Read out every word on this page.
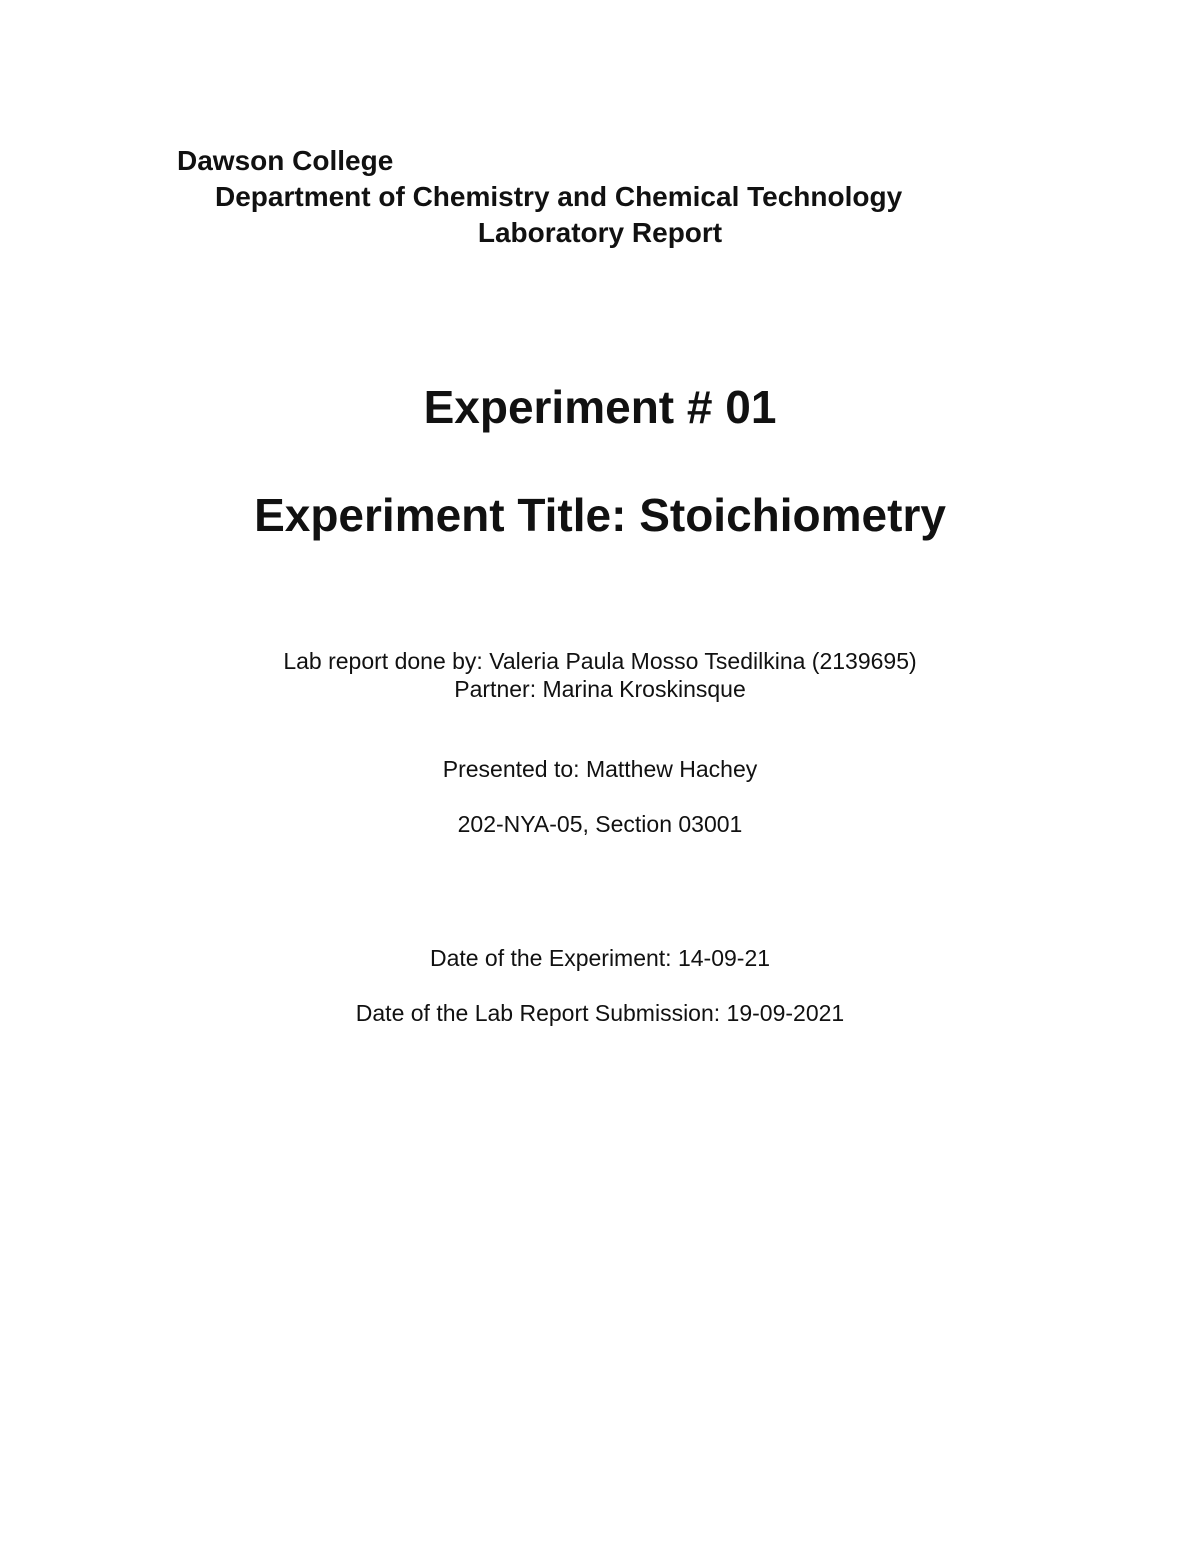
Dawson College
Department of Chemistry and Chemical Technology
Laboratory Report
Experiment # 01
Experiment Title: Stoichiometry
Lab report done by: Valeria Paula Mosso Tsedilkina (2139695)
Partner: Marina Kroskinsque
Presented to: Matthew Hachey
202-NYA-05, Section 03001
Date of the Experiment: 14-09-21
Date of the Lab Report Submission: 19-09-2021
